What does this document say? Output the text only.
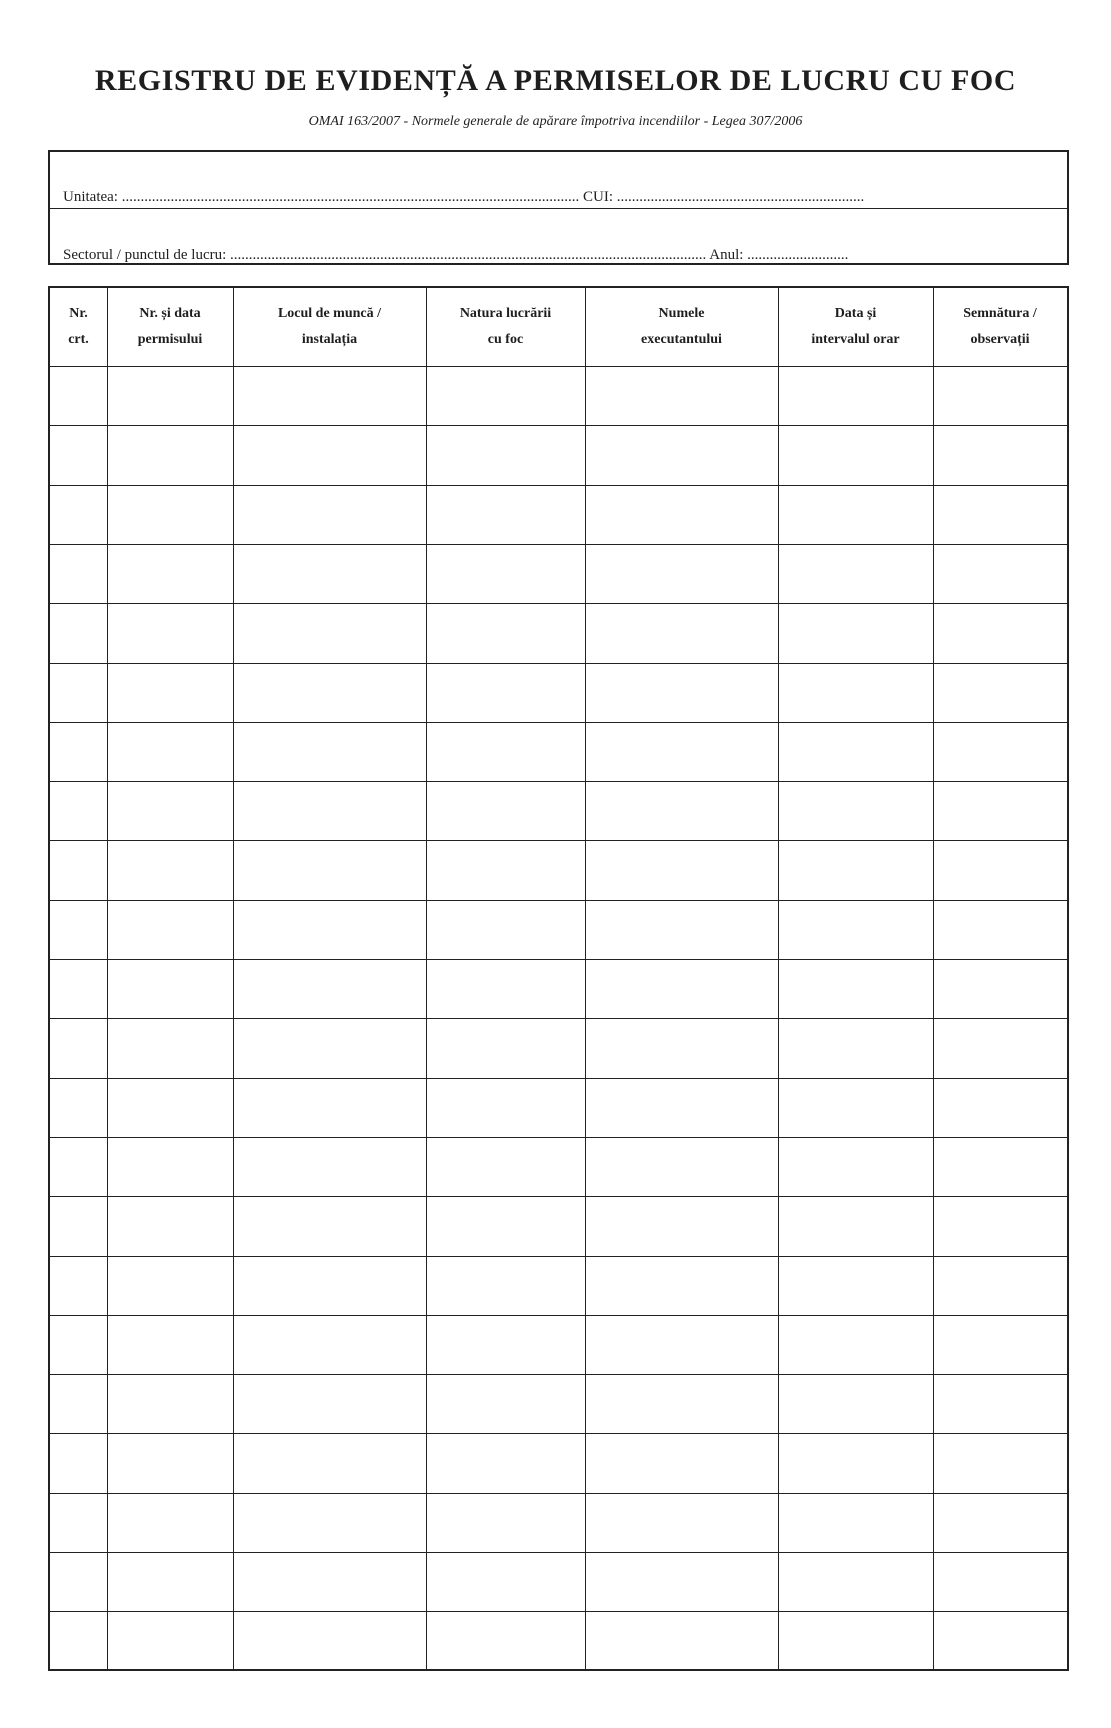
REGISTRU DE EVIDENȚĂ A PERMISELOR DE LUCRU CU FOC
OMAI 163/2007 - Normele generale de apărare împotriva incendiilor - Legea 307/2006
Unitatea: .......................................................................................................................... CUI: ..................................................................
Sectorul / punctul de lucru: ............................................................................................................................... Anul: ...........................
Nr.
crt.
Nr. și data
permisului
Locul de muncă /
instalația
Natura lucrării
cu foc
Numele
executantului
Data și
intervalul orar
Semnătura /
observații
